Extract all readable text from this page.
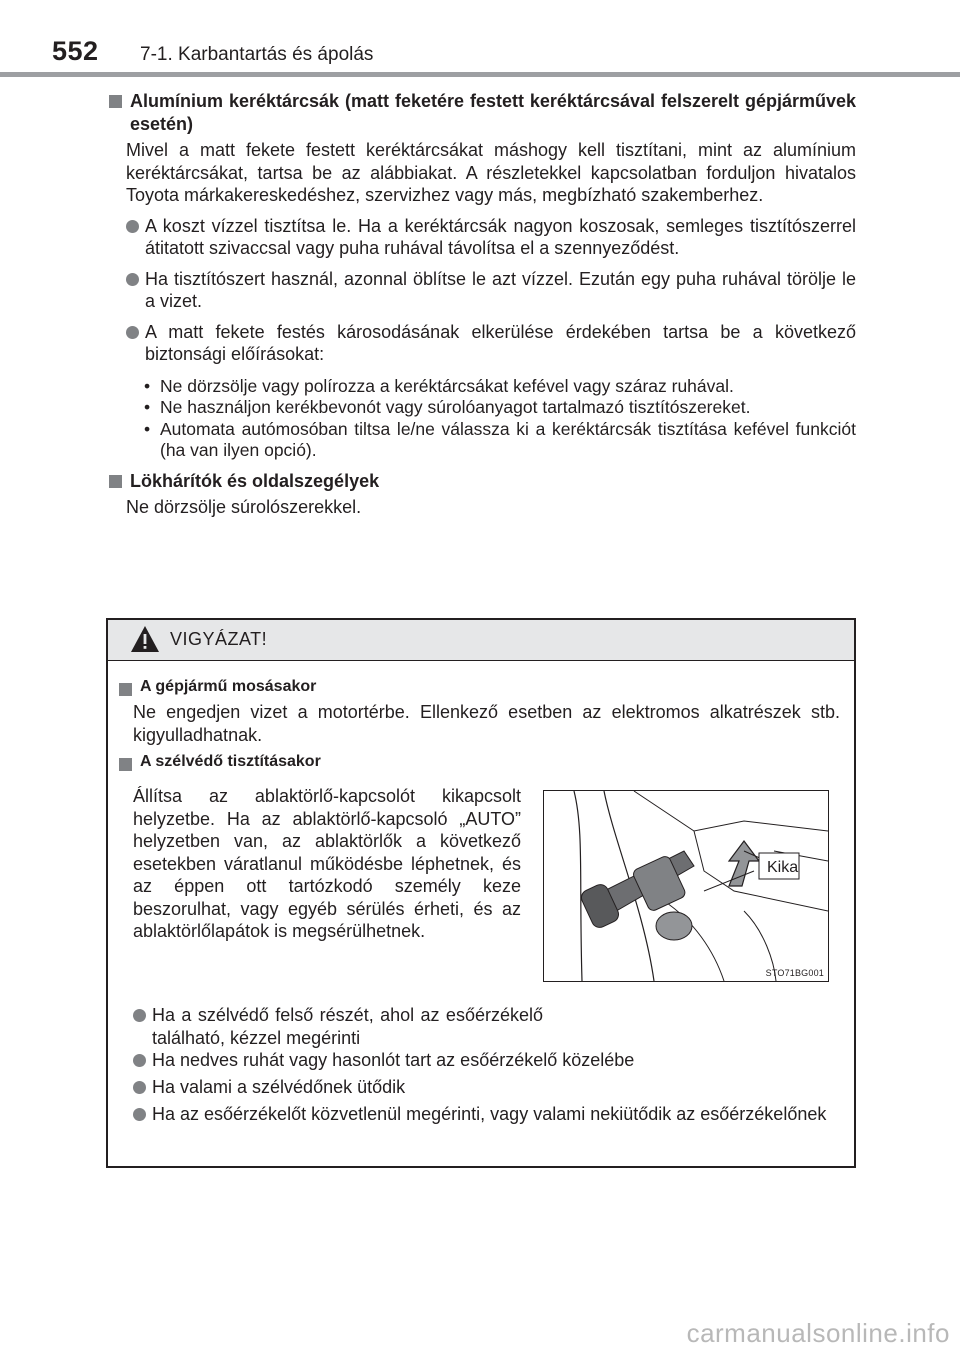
552 7-1. Karbantartás és ápolás
Alumínium keréktárcsák (matt feketére festett keréktárcsával felszerelt gépjárművek esetén)
Mivel a matt fekete festett keréktárcsákat máshogy kell tisztítani, mint az alumínium keréktárcsákat, tartsa be az alábbiakat. A részletekkel kapcsolatban forduljon hivatalos Toyota márkakereskedéshez, szervizhez vagy más, megbízható szakemberhez.
A koszt vízzel tisztítsa le. Ha a keréktárcsák nagyon koszosak, semleges tisztítószerrel átitatott szivaccsal vagy puha ruhával távolítsa el a szennyeződést.
Ha tisztítószert használ, azonnal öblítse le azt vízzel. Ezután egy puha ruhával törölje le a vizet.
A matt fekete festés károsodásának elkerülése érdekében tartsa be a következő biztonsági előírásokat:
• Ne dörzsölje vagy polírozza a keréktárcsákat kefével vagy száraz ruhával.
• Ne használjon kerékbevonót vagy súrolóanyagot tartalmazó tisztítószereket.
• Automata autómosóban tiltsa le/ne válassza ki a keréktárcsák tisztítása kefével funkciót (ha van ilyen opció).
Lökhárítók és oldalszegélyek
Ne dörzsölje súrolószerekkel.
VIGYÁZAT!
A gépjármű mosásakor
Ne engedjen vizet a motortérbe. Ellenkező esetben az elektromos alkatrészek stb. kigyulladhatnak.
A szélvédő tisztításakor
Állítsa az ablaktörlő-kapcsolót kikapcsolt helyzetbe. Ha az ablaktörlő-kapcsoló „AUTO” helyzetben van, az ablaktörlők a következő esetekben váratlanul működésbe léphetnek, és az éppen ott tartózkodó személy keze beszorulhat, vagy egyéb sérülés érheti, és az ablaktörlőlapátok is megsérülhetnek.
Ha a szélvédő felső részét, ahol az esőérzékelő található, kézzel megérinti
Ha nedves ruhát vagy hasonlót tart az esőérzékelő közelébe
Ha valami a szélvédőnek ütődik
Ha az esőérzékelőt közvetlenül megérinti, vagy valami nekiütődik az esőérzékelőnek
Kika
STO71BG001
carmanualsonline.info
